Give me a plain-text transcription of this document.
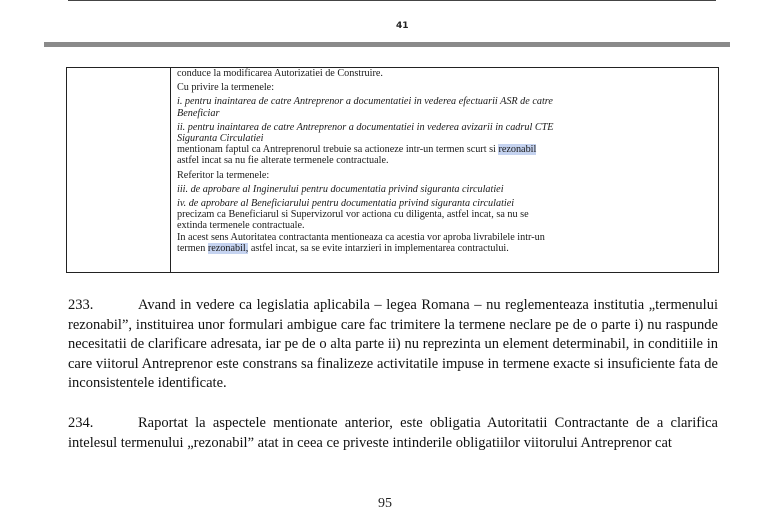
41

conduce la modificarea Autorizatiei de Construire.

Cu privire la termenele:

i. pentru inaintarea de catre Antreprenor a documentatiei in vederea efectuarii ASR de catre

Beneficiar

ii. pentru inaintarea de catre Antreprenor a documentatiei in vederea avizarii in cadrul CTE

Siguranta Circulatiei

mentionam faptul ca Antreprenorul trebuie sa actioneze intr-un termen scurt si rezonabil

astfel incat sa nu fie alterate termenele contractuale.

Referitor la termenele:

iii. de aprobare al Inginerului pentru documentatia privind siguranta circulatiei

iv. de aprobare al Beneficiarului pentru documentatia privind siguranta circulatiei

precizam ca Beneficiarul si Supervizorul vor actiona cu diligenta, astfel incat, sa nu se

extinda termenele contractuale.

In acest sens Autoritatea contractanta mentioneaza ca acestia vor aproba livrabilele intr-un

termen rezonabil, astfel incat, sa se evite intarzieri in implementarea contractului.

233.	Avand in vedere ca legislatia aplicabila – legea Romana – nu reglementeaza institutia „termenului rezonabil”, instituirea unor formulari ambigue care fac trimitere la termene neclare pe de o parte i) nu raspunde necesitatii de clarificare adresata, iar pe de o alta parte ii) nu reprezinta un element determinabil, in conditiile in care viitorul Antreprenor este constrans sa finalizeze activitatile impuse in termene exacte si insuficiente fata de inconsistentele identificate.

234.	Raportat la aspectele mentionate anterior, este obligatia Autoritatii Contractante de a clarifica intelesul termenului „rezonabil” atat in ceea ce priveste intinderile obligatiilor viitorului Antreprenor cat

95
